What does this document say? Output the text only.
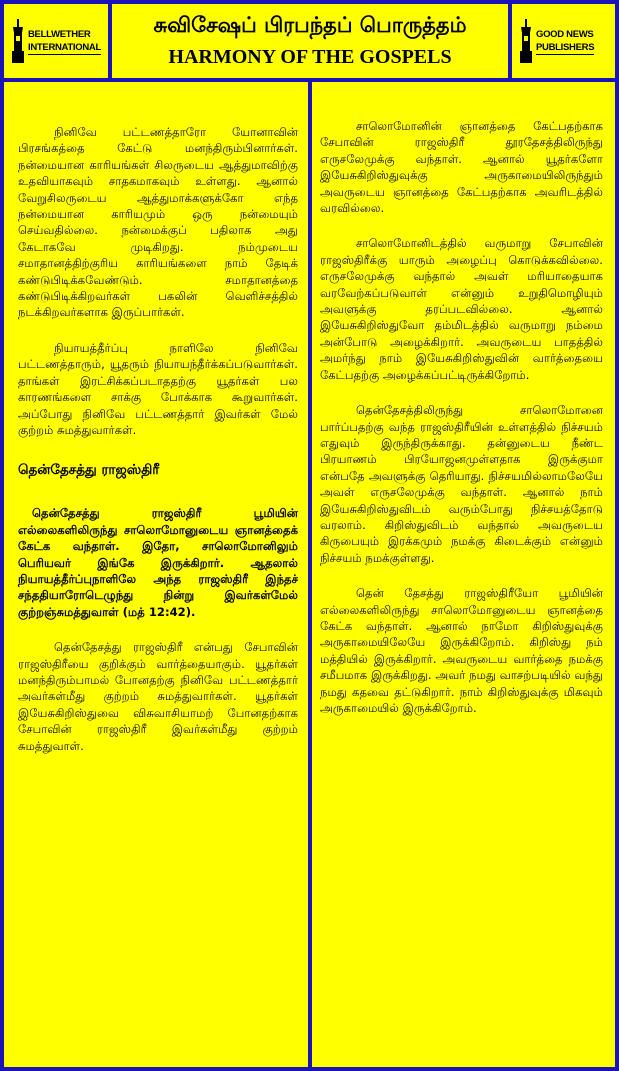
BELLWETHER
INTERNATIONAL
சுவிசேஷப் பிரபந்தப் பொருத்தம்
HARMONY OF THE GOSPELS
GOOD NEWS
PUBLISHERS

நினிவே பட்டணத்தாரோ யோனாவின் பிரசங்கத்தை கேட்டு மனந்திரும்பினார்கள். நன்மையான காரியங்கள் சிலருடைய ஆத்துமாவிற்கு உதவியாகவும் சாதகமாகவும் உள்ளது. ஆனால் வேறுசிலருடைய ஆத்துமாக்களுக்கோ எந்த நன்மையான காரியமும் ஒரு நன்மையும் செய்வதில்லை. நன்மைக்குப் பதிலாக அது கேடாகவே முடிகிறது. நம்முடைய சமாதானத்திற்குரிய காரியங்களை நாம் தேடிக் கண்டுபிடிக்கவேண்டும். சமாதானத்தை கண்டுபிடிக்கிறவர்கள் பகலின் வெளிச்சத்தில் நடக்கிறவர்களாக இருப்பார்கள்.

நியாயத்தீர்ப்பு நாளிலே நினிவே பட்டணத்தாரும், யூதரும் நியாயந்தீர்க்கப்படுவார்கள். தாங்கள் இரட்சிக்கப்படாததற்கு யூதர்கள் பல காரணங்களை சாக்கு போக்காக கூறுவார்கள். அப்போது நினிவே பட்டணத்தார் இவர்கள் மேல் குற்றம் சுமத்துவார்கள்.

தென்தேசத்து ராஜஸ்திரீ

தென்தேசத்து ராஜஸ்திரீ பூமியின் எல்லைகளிலிருந்து சாலொமோனுடைய ஞானத்தைக் கேட்க வந்தாள். இதோ, சாலொமோனிலும் பெரியவர் இங்கே இருக்கிறார். ஆதலால் நியாயத்தீர்ப்புநாளிலே அந்த ராஜஸ்திரீ இந்தச் சந்ததியாரோடெழுந்து நின்று இவர்கள்மேல் குற்றஞ்சுமத்துவாள் (மத் 12:42).

தென்தேசத்து ராஜஸ்திரீ என்பது சேபாவின் ராஜஸ்திரீயை குறிக்கும் வார்த்தையாகும். யூதர்கள் மனந்திரும்பாமல் போனதற்கு நினிவே பட்டணத்தார் அவர்கள்மீது குற்றம் சுமத்துவார்கள். யூதர்கள் இயேசுகிறிஸ்துவை விசுவாசியாமற் போனதற்காக சேபாவின் ராஜஸ்திரீ இவர்கள்மீது குற்றம் சுமத்துவாள்.

சாலொமோனின் ஞானத்தை கேட்பதற்காக சேபாவின் ராஜஸ்திரீ தூரதேசத்திலிருந்து எருசலேமுக்கு வந்தாள். ஆனால் யூதர்களோ இயேசுகிறிஸ்துவுக்கு அருகாமையிலிருந்தும் அவருடைய ஞானத்தை கேட்பதற்காக அவரிடத்தில் வரவில்லை.

சாலொமோனிடத்தில் வருமாறு சேபாவின் ராஜஸ்திரீக்கு யாரும் அழைப்பு கொடுக்கவில்லை. எருசலேமுக்கு வந்தால் அவள் மரியாதையாக வரவேற்கப்படுவாள் என்னும் உறுதிமொழியும் அவளுக்கு தரப்படவில்லை. ஆனால் இயேசுகிறிஸ்துவோ தம்மிடத்தில் வருமாறு நம்மை அன்போடு அழைக்கிறார். அவருடைய பாதத்தில் அமர்ந்து நாம் இயேசுகிறிஸ்துவின் வார்த்தையை கேட்பதற்கு அழைக்கப்பட்டிருக்கிறோம்.

தென்தேசத்திலிருந்து சாலொமோனை பார்ப்பதற்கு வந்த ராஜஸ்திரீயின் உள்ளத்தில் நிச்சயம் எதுவும் இருந்திருக்காது. தன்னுடைய நீண்ட பிரயாணம் பிரயோஜனமுள்ளதாக இருக்குமா என்பதே அவளுக்கு தெரியாது. நிச்சயமில்லாமலேயே அவள் எருசலேமுக்கு வந்தாள். ஆனால் நாம் இயேசுகிறிஸ்துவிடம் வரும்போது நிச்சயத்தோடு வரலாம். கிறிஸ்துவிடம் வந்தால் அவருடைய கிருபையும் இரக்கமும் நமக்கு கிடைக்கும் என்னும் நிச்சயம் நமக்குள்ளது.

தென் தேசத்து ராஜஸ்திரீயோ பூமியின் எல்லைகளிலிருந்து சாலொமோனுடைய ஞானத்தை கேட்க வந்தாள். ஆனால் நாமோ கிறிஸ்துவுக்கு அருகாமையிலேயே இருக்கிறோம். கிறிஸ்து நம் மத்தியில் இருக்கிறார். அவருடைய வார்த்தை நமக்கு சமீபமாக இருக்கிறது. அவர் நமது வாசற்படியில் வந்து நமது கதவை தட்டுகிறார். நாம் கிறிஸ்துவுக்கு மிகவும் அருகாமையில் இருக்கிறோம்.
